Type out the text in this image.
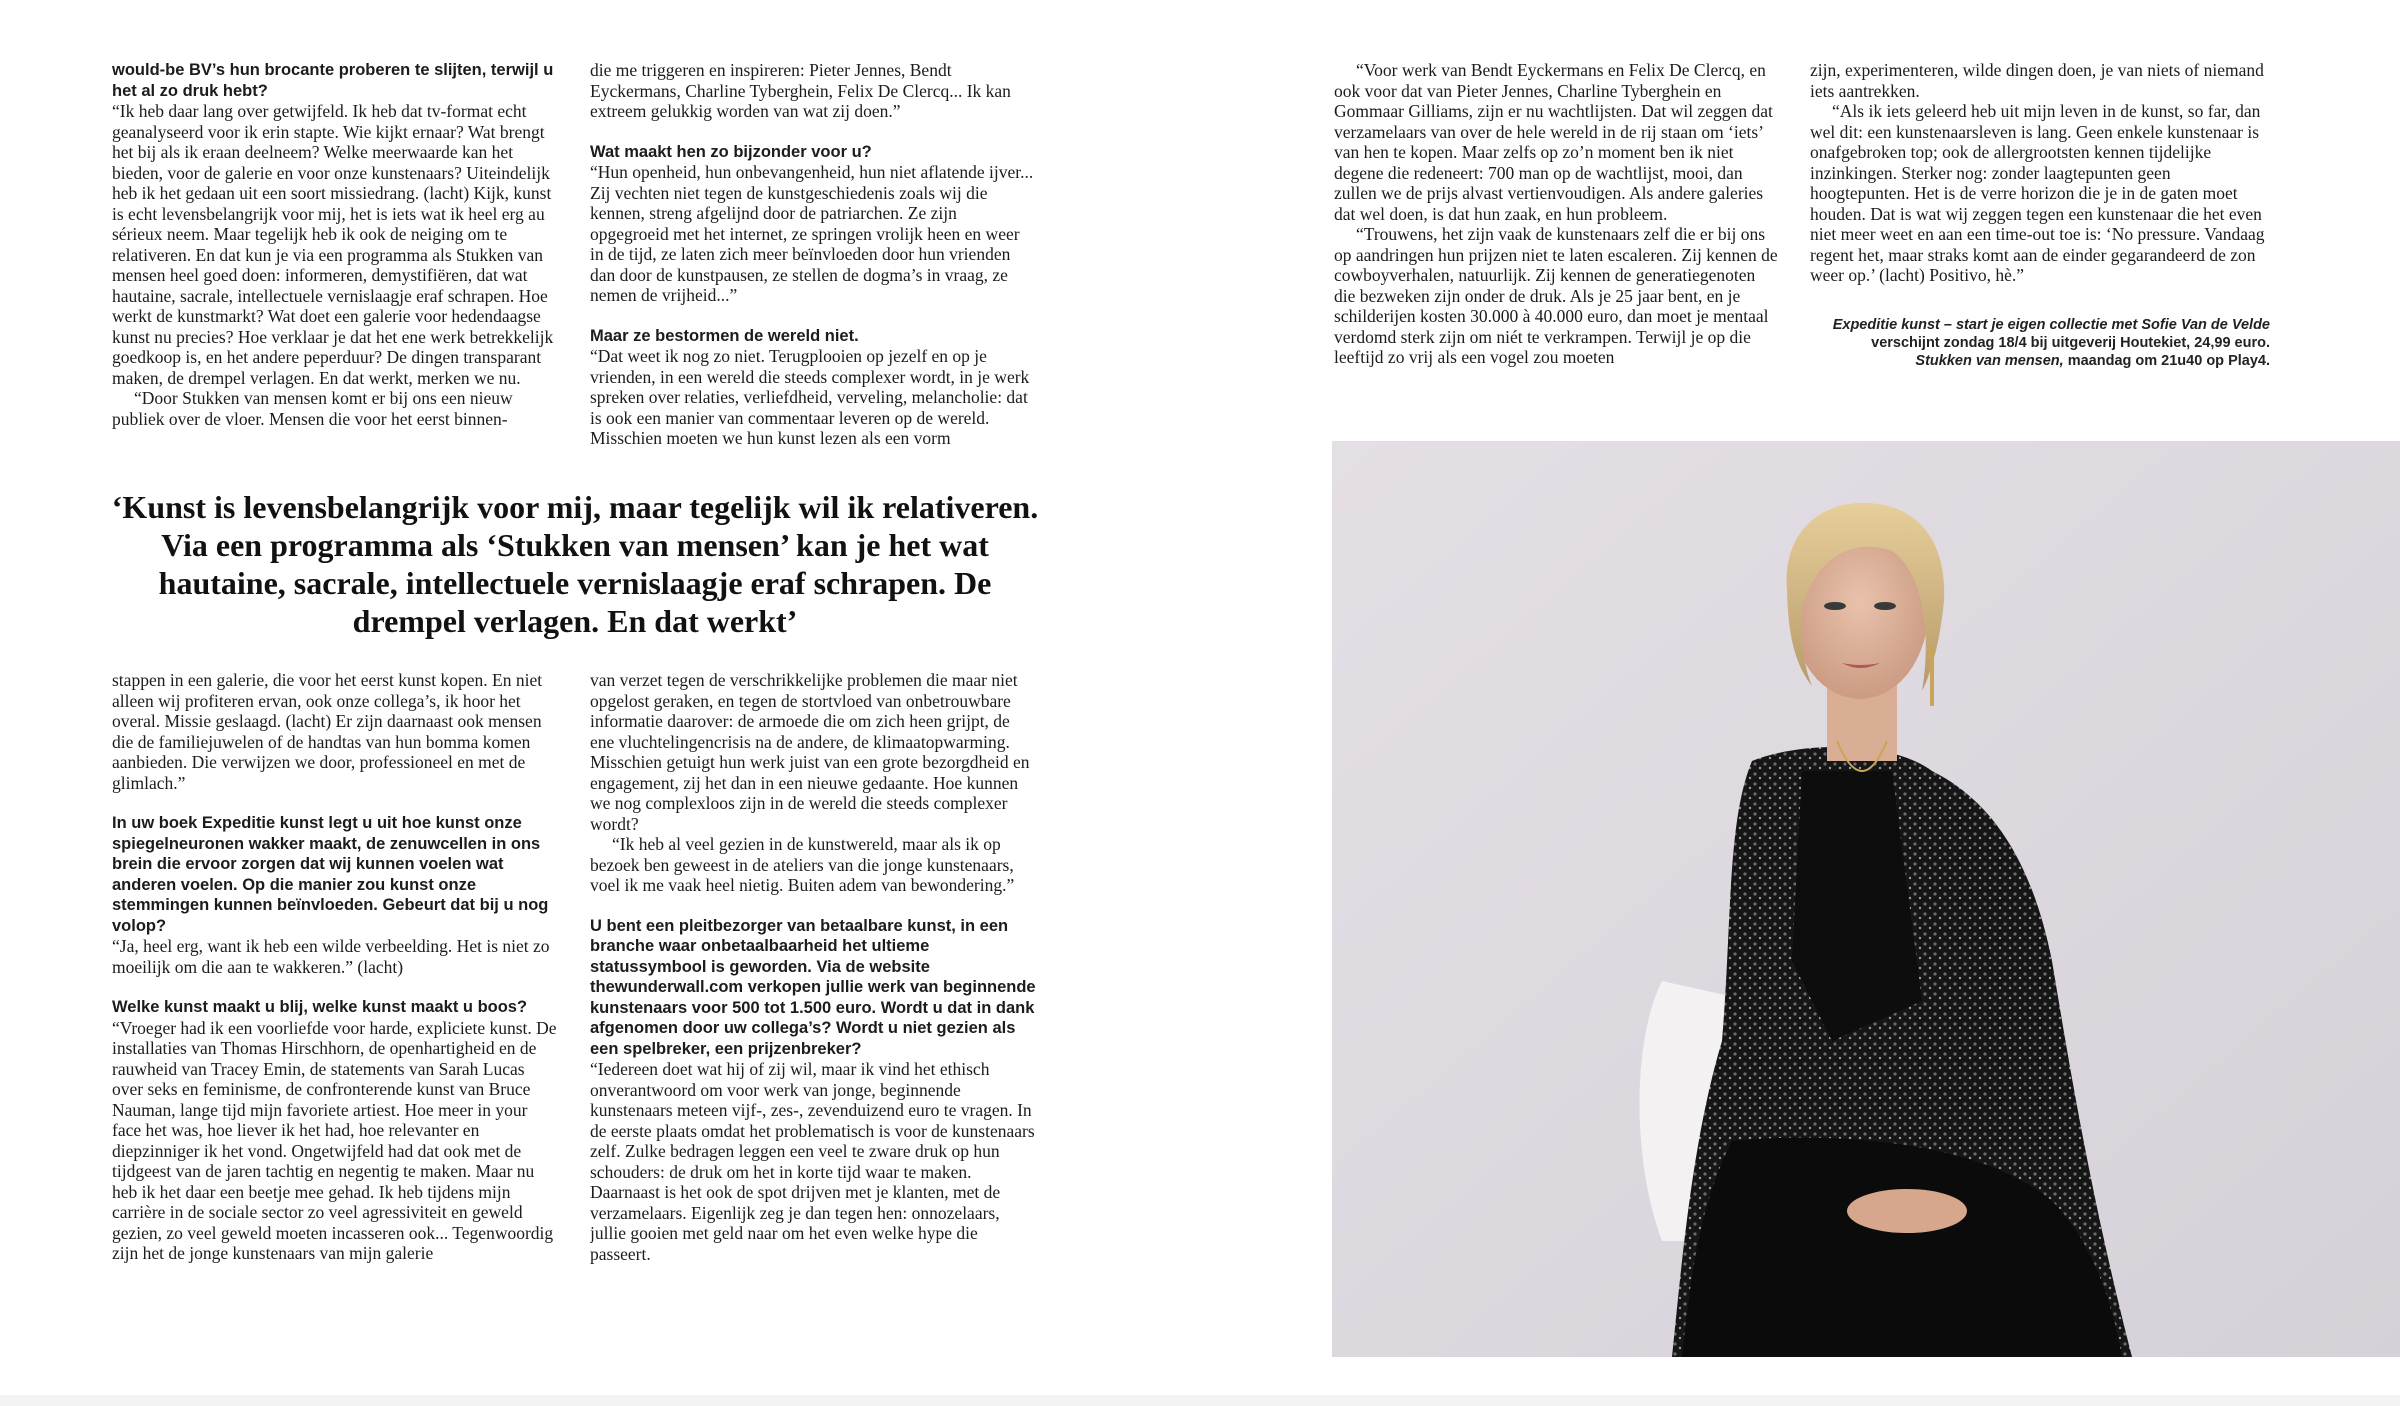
would-be BV’s hun brocante proberen te slijten, terwijl u het al zo druk hebt?

“Ik heb daar lang over getwijfeld. Ik heb dat tv-format echt geanalyseerd voor ik erin stapte. Wie kijkt ernaar? Wat brengt het bij als ik eraan deelneem? Welke meerwaarde kan het bieden, voor de galerie en voor onze kunstenaars? Uiteindelijk heb ik het gedaan uit een soort missiedrang. (lacht) Kijk, kunst is echt levensbelangrijk voor mij, het is iets wat ik heel erg au sérieux neem. Maar tegelijk heb ik ook de neiging om te relativeren. En dat kun je via een programma als Stukken van mensen heel goed doen: informeren, demystifiëren, dat wat hautaine, sacrale, intellectuele vernislaagje eraf schrapen. Hoe werkt de kunstmarkt? Wat doet een galerie voor hedendaagse kunst nu precies? Hoe verklaar je dat het ene werk betrekkelijk goedkoop is, en het andere peperduur? De dingen transparant maken, de drempel verlagen. En dat werkt, merken we nu.

“Door Stukken van mensen komt er bij ons een nieuw publiek over de vloer. Mensen die voor het eerst binnen-

die me triggeren en inspireren: Pieter Jennes, Bendt Eyckermans, Charline Tyberghein, Felix De Clercq... Ik kan extreem gelukkig worden van wat zij doen.”

Wat maakt hen zo bijzonder voor u?

“Hun openheid, hun onbevangenheid, hun niet aflatende ijver... Zij vechten niet tegen de kunstgeschiedenis zoals wij die kennen, streng afgelijnd door de patriarchen. Ze zijn opgegroeid met het internet, ze springen vrolijk heen en weer in de tijd, ze laten zich meer beïnvloeden door hun vrienden dan door de kunstpausen, ze stellen de dogma’s in vraag, ze nemen de vrijheid...”

Maar ze bestormen de wereld niet.

“Dat weet ik nog zo niet. Terugplooien op jezelf en op je vrienden, in een wereld die steeds complexer wordt, in je werk spreken over relaties, verliefdheid, verveling, melancholie: dat is ook een manier van commentaar leveren op de wereld. Misschien moeten we hun kunst lezen als een vorm

‘Kunst is levensbelangrijk voor mij, maar tegelijk wil ik relativeren. Via een programma als ‘Stukken van mensen’ kan je het wat hautaine, sacrale, intellectuele vernislaagje eraf schrapen. De drempel verlagen. En dat werkt’

stappen in een galerie, die voor het eerst kunst kopen. En niet alleen wij profiteren ervan, ook onze collega’s, ik hoor het overal. Missie geslaagd. (lacht) Er zijn daarnaast ook mensen die de familiejuwelen of de handtas van hun bomma komen aanbieden. Die verwijzen we door, professioneel en met de glimlach.”

In uw boek Expeditie kunst legt u uit hoe kunst onze spiegelneuronen wakker maakt, de zenuwcellen in ons brein die ervoor zorgen dat wij kunnen voelen wat anderen voelen. Op die manier zou kunst onze stemmingen kunnen beïnvloeden. Gebeurt dat bij u nog volop?

“Ja, heel erg, want ik heb een wilde verbeelding. Het is niet zo moeilijk om die aan te wakkeren.” (lacht)

Welke kunst maakt u blij, welke kunst maakt u boos?

“Vroeger had ik een voorliefde voor harde, expliciete kunst. De installaties van Thomas Hirschhorn, de openhartigheid en de rauwheid van Tracey Emin, de statements van Sarah Lucas over seks en feminisme, de confronterende kunst van Bruce Nauman, lange tijd mijn favoriete artiest. Hoe meer in your face het was, hoe liever ik het had, hoe relevanter en diepzinniger ik het vond. Ongetwijfeld had dat ook met de tijdgeest van de jaren tachtig en negentig te maken. Maar nu heb ik het daar een beetje mee gehad. Ik heb tijdens mijn carrière in de sociale sector zo veel agressiviteit en geweld gezien, zo veel geweld moeten incasseren ook... Tegenwoordig zijn het de jonge kunstenaars van mijn galerie

van verzet tegen de verschrikkelijke problemen die maar niet opgelost geraken, en tegen de stortvloed van onbetrouwbare informatie daarover: de armoede die om zich heen grijpt, de ene vluchtelingencrisis na de andere, de klimaatopwarming. Misschien getuigt hun werk juist van een grote bezorgdheid en engagement, zij het dan in een nieuwe gedaante. Hoe kunnen we nog complexloos zijn in de wereld die steeds complexer wordt?

“Ik heb al veel gezien in de kunstwereld, maar als ik op bezoek ben geweest in de ateliers van die jonge kunstenaars, voel ik me vaak heel nietig. Buiten adem van bewondering.”

U bent een pleitbezorger van betaalbare kunst, in een branche waar onbetaalbaarheid het ultieme statussymbool is geworden. Via de website thewunderwall.com verkopen jullie werk van beginnende kunstenaars voor 500 tot 1.500 euro. Wordt u dat in dank afgenomen door uw collega’s? Wordt u niet gezien als een spelbreker, een prijzenbreker?

“Iedereen doet wat hij of zij wil, maar ik vind het ethisch onverantwoord om voor werk van jonge, beginnende kunstenaars meteen vijf-, zes-, zevenduizend euro te vragen. In de eerste plaats omdat het problematisch is voor de kunstenaars zelf. Zulke bedragen leggen een veel te zware druk op hun schouders: de druk om het in korte tijd waar te maken. Daarnaast is het ook de spot drijven met je klanten, met de verzamelaars. Eigenlijk zeg je dan tegen hen: onnozelaars, jullie gooien met geld naar om het even welke hype die passeert.

“Voor werk van Bendt Eyckermans en Felix De Clercq, en ook voor dat van Pieter Jennes, Charline Tyberghein en Gommaar Gilliams, zijn er nu wachtlijsten. Dat wil zeggen dat verzamelaars van over de hele wereld in de rij staan om ‘iets’ van hen te kopen. Maar zelfs op zo’n moment ben ik niet degene die redeneert: 700 man op de wachtlijst, mooi, dan zullen we de prijs alvast vertienvoudigen. Als andere galeries dat wel doen, is dat hun zaak, en hun probleem.

“Trouwens, het zijn vaak de kunstenaars zelf die er bij ons op aandringen hun prijzen niet te laten escaleren. Zij kennen de cowboyverhalen, natuurlijk. Zij kennen de generatiegenoten die bezweken zijn onder de druk. Als je 25 jaar bent, en je schilderijen kosten 30.000 à 40.000 euro, dan moet je mentaal verdomd sterk zijn om niét te verkrampen. Terwijl je op die leeftijd zo vrij als een vogel zou moeten

zijn, experimenteren, wilde dingen doen, je van niets of niemand iets aantrekken.

“Als ik iets geleerd heb uit mijn leven in de kunst, so far, dan wel dit: een kunstenaarsleven is lang. Geen enkele kunstenaar is onafgebroken top; ook de allergrootsten kennen tijdelijke inzinkingen. Sterker nog: zonder laagtepunten geen hoogtepunten. Het is de verre horizon die je in de gaten moet houden. Dat is wat wij zeggen tegen een kunstenaar die het even niet meer weet en aan een time-out toe is: ‘No pressure. Vandaag regent het, maar straks komt aan de einder gegarandeerd de zon weer op.’ (lacht) Positivo, hè.”

Expeditie kunst – start je eigen collectie met Sofie Van de Velde
verschijnt zondag 18/4 bij uitgeverij Houtekiet, 24,99 euro.
Stukken van mensen, maandag om 21u40 op Play4.
